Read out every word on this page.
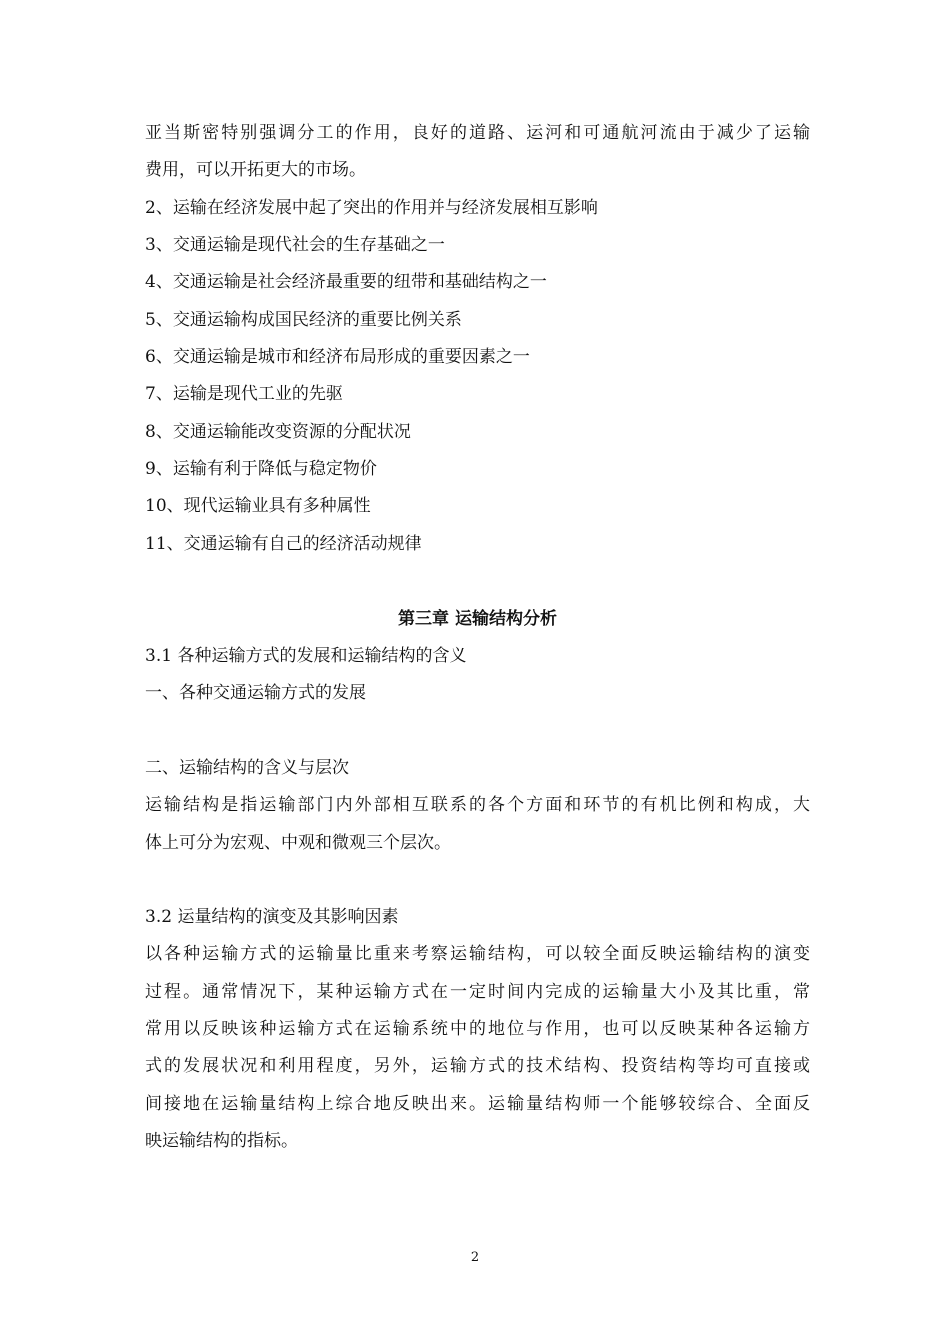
亚当斯密特别强调分工的作用，良好的道路、运河和可通航河流由于减少了运输
费用，可以开拓更大的市场。
2、运输在经济发展中起了突出的作用并与经济发展相互影响
3、交通运输是现代社会的生存基础之一
4、交通运输是社会经济最重要的纽带和基础结构之一
5、交通运输构成国民经济的重要比例关系
6、交通运输是城市和经济布局形成的重要因素之一
7、运输是现代工业的先驱
8、交通运输能改变资源的分配状况
9、运输有利于降低与稳定物价
10、现代运输业具有多种属性
11、交通运输有自己的经济活动规律
第三章 运输结构分析
3.1 各种运输方式的发展和运输结构的含义
一、各种交通运输方式的发展
二、运输结构的含义与层次
运输结构是指运输部门内外部相互联系的各个方面和环节的有机比例和构成，大
体上可分为宏观、中观和微观三个层次。
3.2 运量结构的演变及其影响因素
以各种运输方式的运输量比重来考察运输结构，可以较全面反映运输结构的演变
过程。通常情况下，某种运输方式在一定时间内完成的运输量大小及其比重，常
常用以反映该种运输方式在运输系统中的地位与作用，也可以反映某种各运输方
式的发展状况和利用程度，另外，运输方式的技术结构、投资结构等均可直接或
间接地在运输量结构上综合地反映出来。运输量结构师一个能够较综合、全面反
映运输结构的指标。
2
